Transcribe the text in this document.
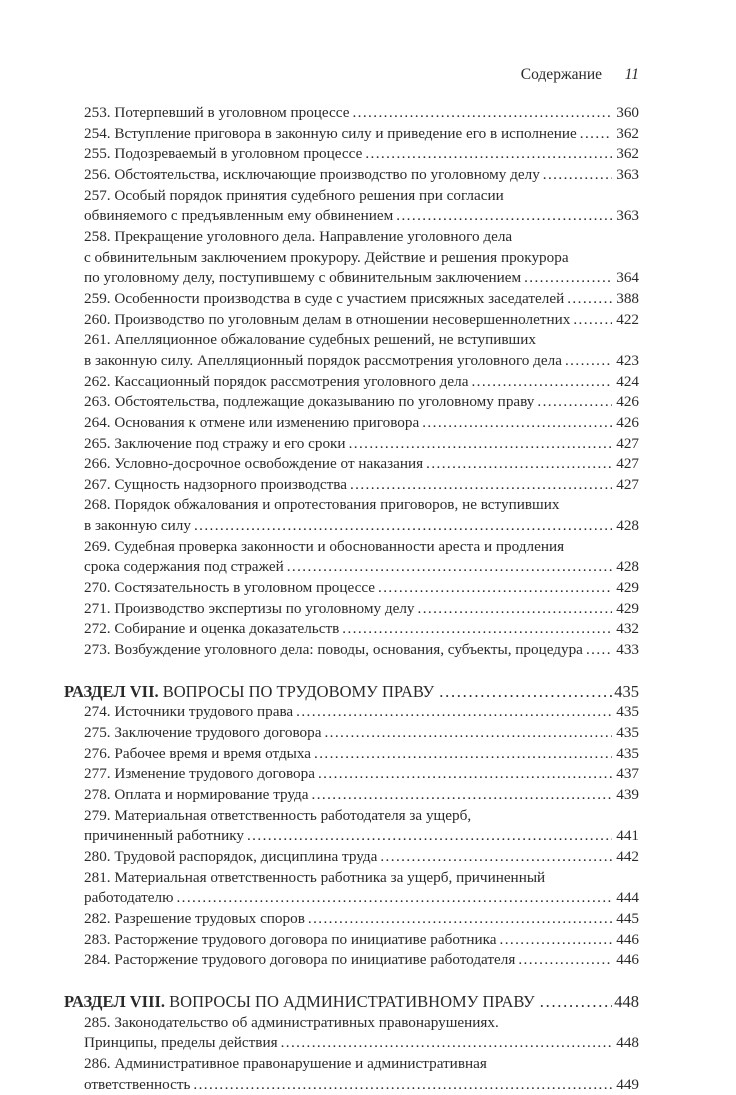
Содержание 11
253. Потерпевший в уголовном процессе . . .	360
254. Вступление приговора в законную силу и приведение его в исполнение . . .	362
255. Подозреваемый в уголовном процессе . . .	362
256. Обстоятельства, исключающие производство по уголовному делу . . .	363
257. Особый порядок принятия судебного решения при согласии
обвиняемого с предъявленным ему обвинением . . .	363
258. Прекращение уголовного дела. Направление уголовного дела
с обвинительным заключением прокурору. Действие и решения прокурора
по уголовному делу, поступившему с обвинительным заключением . . .	364
259. Особенности производства в суде с участием присяжных заседателей . . .	388
260. Производство по уголовным делам в отношении несовершеннолетних . . .	422
261. Апелляционное обжалование судебных решений, не вступивших
в законную силу. Апелляционный порядок рассмотрения уголовного дела . . .	423
262. Кассационный порядок рассмотрения уголовного дела . . .	424
263. Обстоятельства, подлежащие доказыванию по уголовному праву . . .	426
264. Основания к отмене или изменению приговора . . .	426
265. Заключение под стражу и его сроки . . .	427
266. Условно-досрочное освобождение от наказания . . .	427
267. Сущность надзорного производства . . .	427
268. Порядок обжалования и опротестования приговоров, не вступивших
в законную силу . . .	428
269. Судебная проверка законности и обоснованности ареста и продления
срока содержания под стражей . . .	428
270. Состязательность в уголовном процессе . . .	429
271. Производство экспертизы по уголовному делу . . .	429
272. Собирание и оценка доказательств . . .	432
273. Возбуждение уголовного дела: поводы, основания, субъекты, процедура . . . 433
РАЗДЕЛ VII. ВОПРОСЫ ПО ТРУДОВОМУ ПРАВУ . . .	435
274. Источники трудового права . . .	435
275. Заключение трудового договора . . .	435
276. Рабочее время и время отдыха . . .	435
277. Изменение трудового договора . . .	437
278. Оплата и нормирование труда . . .	439
279. Материальная ответственность работодателя за ущерб,
причиненный работнику . . .	441
280. Трудовой распорядок, дисциплина труда . . .	442
281. Материальная ответственность работника за ущерб, причиненный
работодателю . . .	444
282. Разрешение трудовых споров . . .	445
283. Расторжение трудового договора по инициативе работника . . .	446
284. Расторжение трудового договора по инициативе работодателя . . .	446
РАЗДЕЛ VIII. ВОПРОСЫ ПО АДМИНИСТРАТИВНОМУ ПРАВУ . . .	448
285. Законодательство об административных правонарушениях.
Принципы, пределы действия . . .	448
286. Административное правонарушение и административная
ответственность . . .	449
